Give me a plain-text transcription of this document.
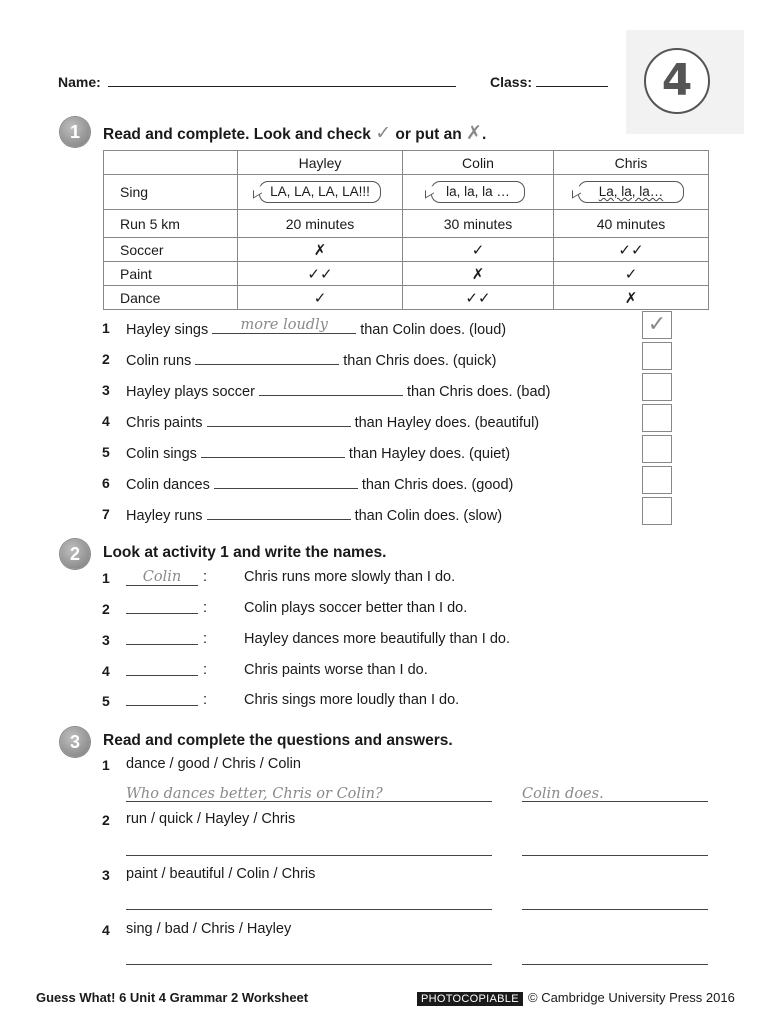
Name:	Class:	4
1	Read and complete. Look and check ✓ or put an ✗.
	Hayley	Colin	Chris
Sing	LA, LA, LA, LA!!!	la, la, la …	La, la, la…
Run 5 km	20 minutes	30 minutes	40 minutes
Soccer	✗	✓	✓✓
Paint	✓✓	✗	✓
Dance	✓	✓✓	✗
1 Hayley sings	more loudly	than Colin does. (loud)	✓
2 Colin runs	than Chris does. (quick)
3 Hayley plays soccer	than Chris does. (bad)
4 Chris paints	than Hayley does. (beautiful)
5 Colin sings	than Hayley does. (quiet)
6 Colin dances	than Chris does. (good)
7 Hayley runs	than Colin does. (slow)
2	Look at activity 1 and write the names.
1	Colin	:	Chris runs more slowly than I do.
2	:	Colin plays soccer better than I do.
3	:	Hayley dances more beautifully than I do.
4	:	Chris paints worse than I do.
5	:	Chris sings more loudly than I do.
3	Read and complete the questions and answers.
1 dance / good / Chris / Colin
Who dances better, Chris or Colin?	Colin does.
2 run / quick / Hayley / Chris
3 paint / beautiful / Colin / Chris
4 sing / bad / Chris / Hayley
Guess What! 6 Unit 4 Grammar 2 Worksheet	PHOTOCOPIABLE © Cambridge University Press 2016
